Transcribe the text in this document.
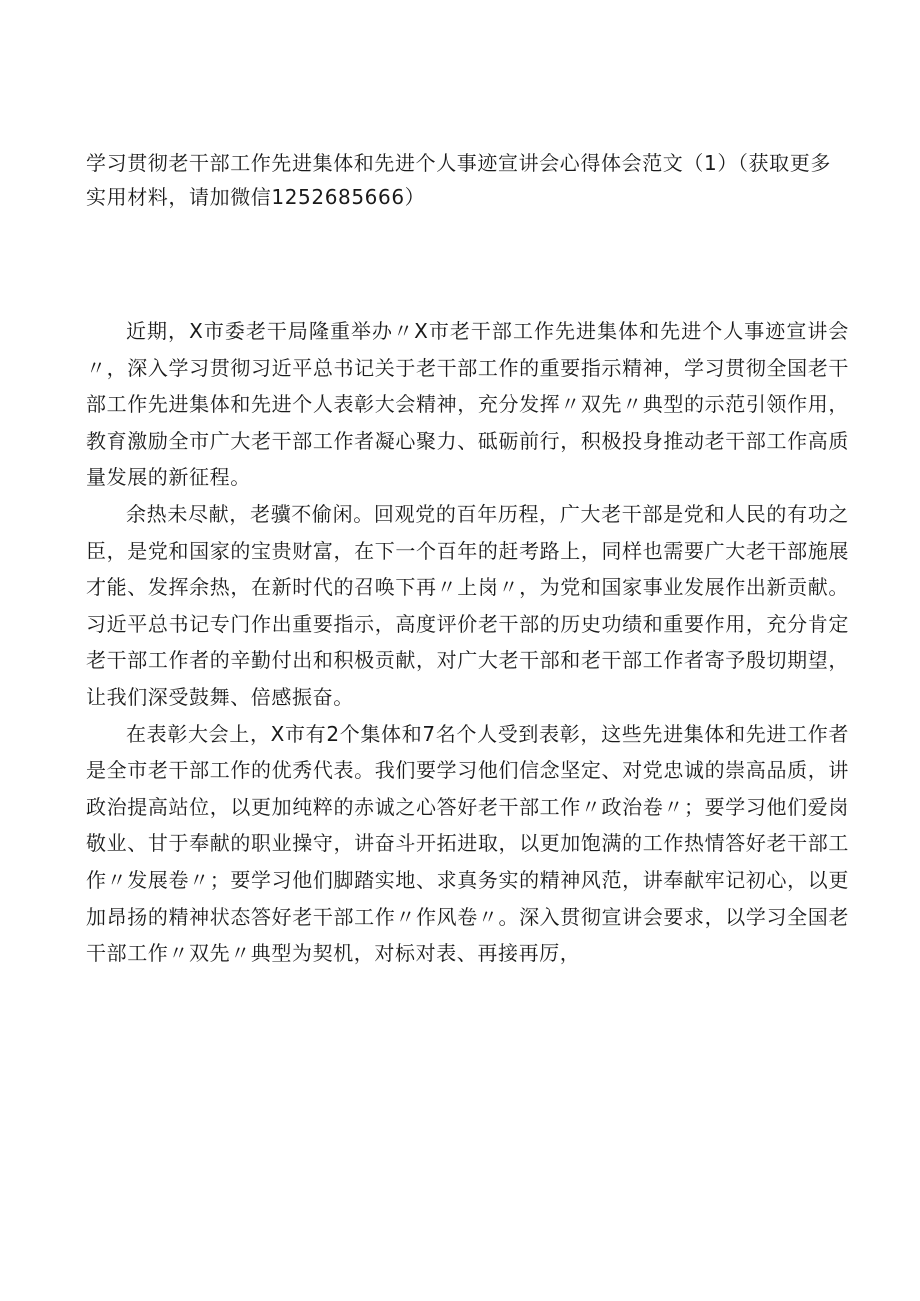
学习贯彻老干部工作先进集体和先进个人事迹宣讲会心得体会范文（1）（获取更多实用材料，请加微信1252685666）

近期，X市委老干局隆重举办〃X市老干部工作先进集体和先进个人事迹宣讲会〃，深入学习贯彻习近平总书记关于老干部工作的重要指示精神，学习贯彻全国老干部工作先进集体和先进个人表彰大会精神，充分发挥〃双先〃典型的示范引领作用，教育激励全市广大老干部工作者凝心聚力、砥砺前行，积极投身推动老干部工作高质量发展的新征程。

余热未尽献，老骥不偷闲。回观党的百年历程，广大老干部是党和人民的有功之臣，是党和国家的宝贵财富，在下一个百年的赶考路上，同样也需要广大老干部施展才能、发挥余热，在新时代的召唤下再〃上岗〃，为党和国家事业发展作出新贡献。习近平总书记专门作出重要指示，高度评价老干部的历史功绩和重要作用，充分肯定老干部工作者的辛勤付出和积极贡献，对广大老干部和老干部工作者寄予殷切期望，让我们深受鼓舞、倍感振奋。

在表彰大会上，X市有2个集体和7名个人受到表彰，这些先进集体和先进工作者是全市老干部工作的优秀代表。我们要学习他们信念坚定、对党忠诚的崇高品质，讲政治提高站位，以更加纯粹的赤诚之心答好老干部工作〃政治卷〃；要学习他们爱岗敬业、甘于奉献的职业操守，讲奋斗开拓进取，以更加饱满的工作热情答好老干部工作〃发展卷〃；要学习他们脚踏实地、求真务实的精神风范，讲奉献牢记初心，以更加昂扬的精神状态答好老干部工作〃作风卷〃。深入贯彻宣讲会要求，以学习全国老干部工作〃双先〃典型为契机，对标对表、再接再厉，
